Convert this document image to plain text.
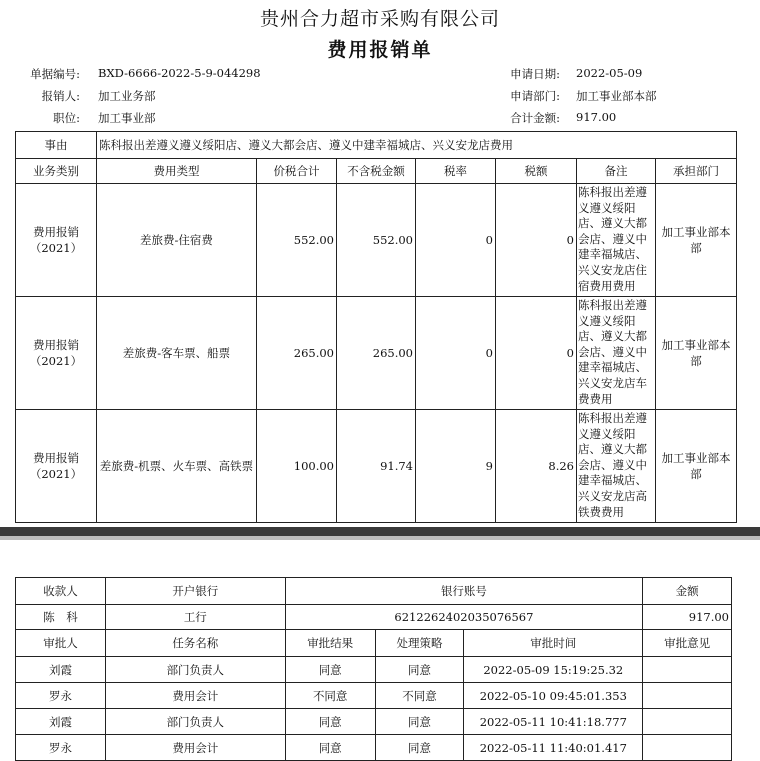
贵州合力超市采购有限公司
费用报销单
单据编号: BXD-6666-2022-5-9-044298
报销人: 加工业务部
职位: 加工事业部
申请日期: 2022-05-09
申请部门: 加工事业部本部
合计金额: 917.00
事由	陈科报出差遵义遵义绥阳店、遵义大都会店、遵义中建幸福城店、兴义安龙店费用						
业务类别	费用类型	价税合计	不含税金额	税率	税额	备注	承担部门
费用报销（2021）	差旅费-住宿费	552.00	552.00	0	0	陈科报出差遵义遵义绥阳店、遵义大都会店、遵义中建幸福城店、兴义安龙店住宿费用费用	加工事业部本部
费用报销（2021）	差旅费-客车票、船票	265.00	265.00	0	0	陈科报出差遵义遵义绥阳店、遵义大都会店、遵义中建幸福城店、兴义安龙店车费费用	加工事业部本部
费用报销（2021）	差旅费-机票、火车票、高铁票	100.00	91.74	9	8.26	陈科报出差遵义遵义绥阳店、遵义大都会店、遵义中建幸福城店、兴义安龙店高铁费费用	加工事业部本部
收款人	开户银行	银行账号			金额
陈　科	工行	6212262402035076567			917.00
审批人	任务名称	审批结果	处理策略	审批时间	审批意见
刘霞	部门负责人	同意	同意	2022-05-09 15:19:25.32	
罗永	费用会计	不同意	不同意	2022-05-10 09:45:01.353	
刘霞	部门负责人	同意	同意	2022-05-11 10:41:18.777	
罗永	费用会计	同意	同意	2022-05-11 11:40:01.417	
